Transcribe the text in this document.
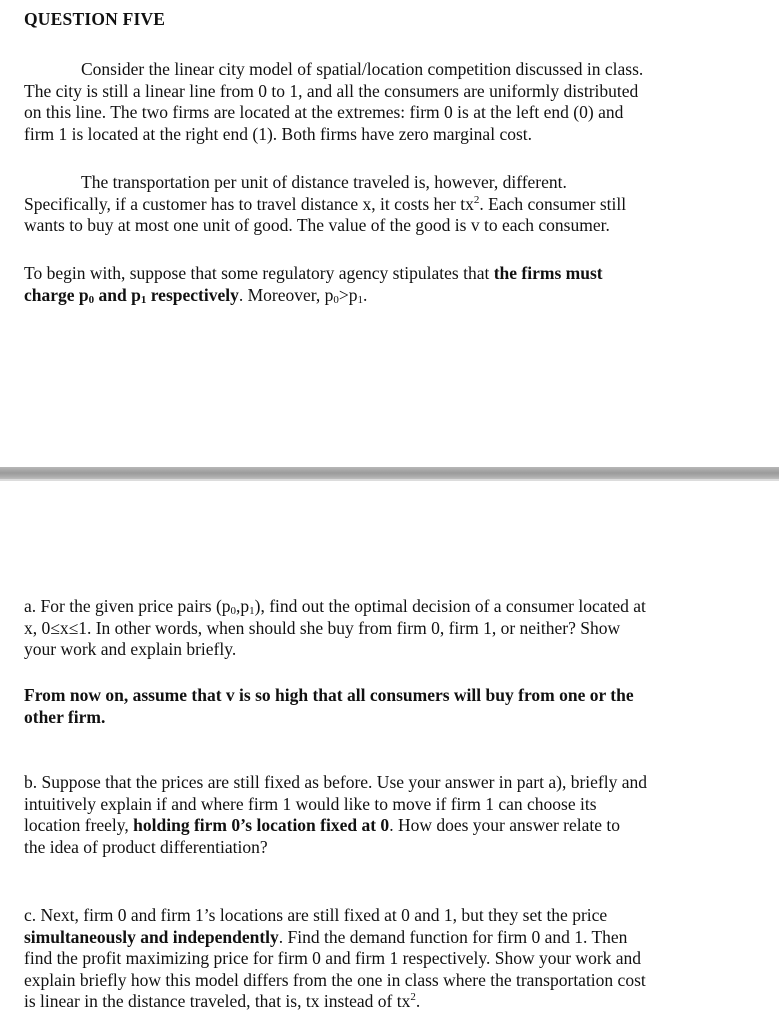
QUESTION FIVE

Consider the linear city model of spatial/location competition discussed in class.
The city is still a linear line from 0 to 1, and all the consumers are uniformly distributed
on this line. The two firms are located at the extremes: firm 0 is at the left end (0) and
firm 1 is located at the right end (1). Both firms have zero marginal cost.

The transportation per unit of distance traveled is, however, different.
Specifically, if a customer has to travel distance x, it costs her $tx^2$. Each consumer still
wants to buy at most one unit of good. The value of the good is v to each consumer.

To begin with, suppose that some regulatory agency stipulates that the firms must
charge $p_0$ and $p_1$ respectively. Moreover, $p_0>p_1$.

a. For the given price pairs $(p_0,p_1)$, find out the optimal decision of a consumer located at
x, 0≤x≤1. In other words, when should she buy from firm 0, firm 1, or neither? Show
your work and explain briefly.

From now on, assume that v is so high that all consumers will buy from one or the
other firm.

b. Suppose that the prices are still fixed as before. Use your answer in part a), briefly and
intuitively explain if and where firm 1 would like to move if firm 1 can choose its
location freely, holding firm 0’s location fixed at 0. How does your answer relate to
the idea of product differentiation?

c. Next, firm 0 and firm 1’s locations are still fixed at 0 and 1, but they set the price
simultaneously and independently. Find the demand function for firm 0 and 1. Then
find the profit maximizing price for firm 0 and firm 1 respectively. Show your work and
explain briefly how this model differs from the one in class where the transportation cost
is linear in the distance traveled, that is, tx instead of $tx^2$.
